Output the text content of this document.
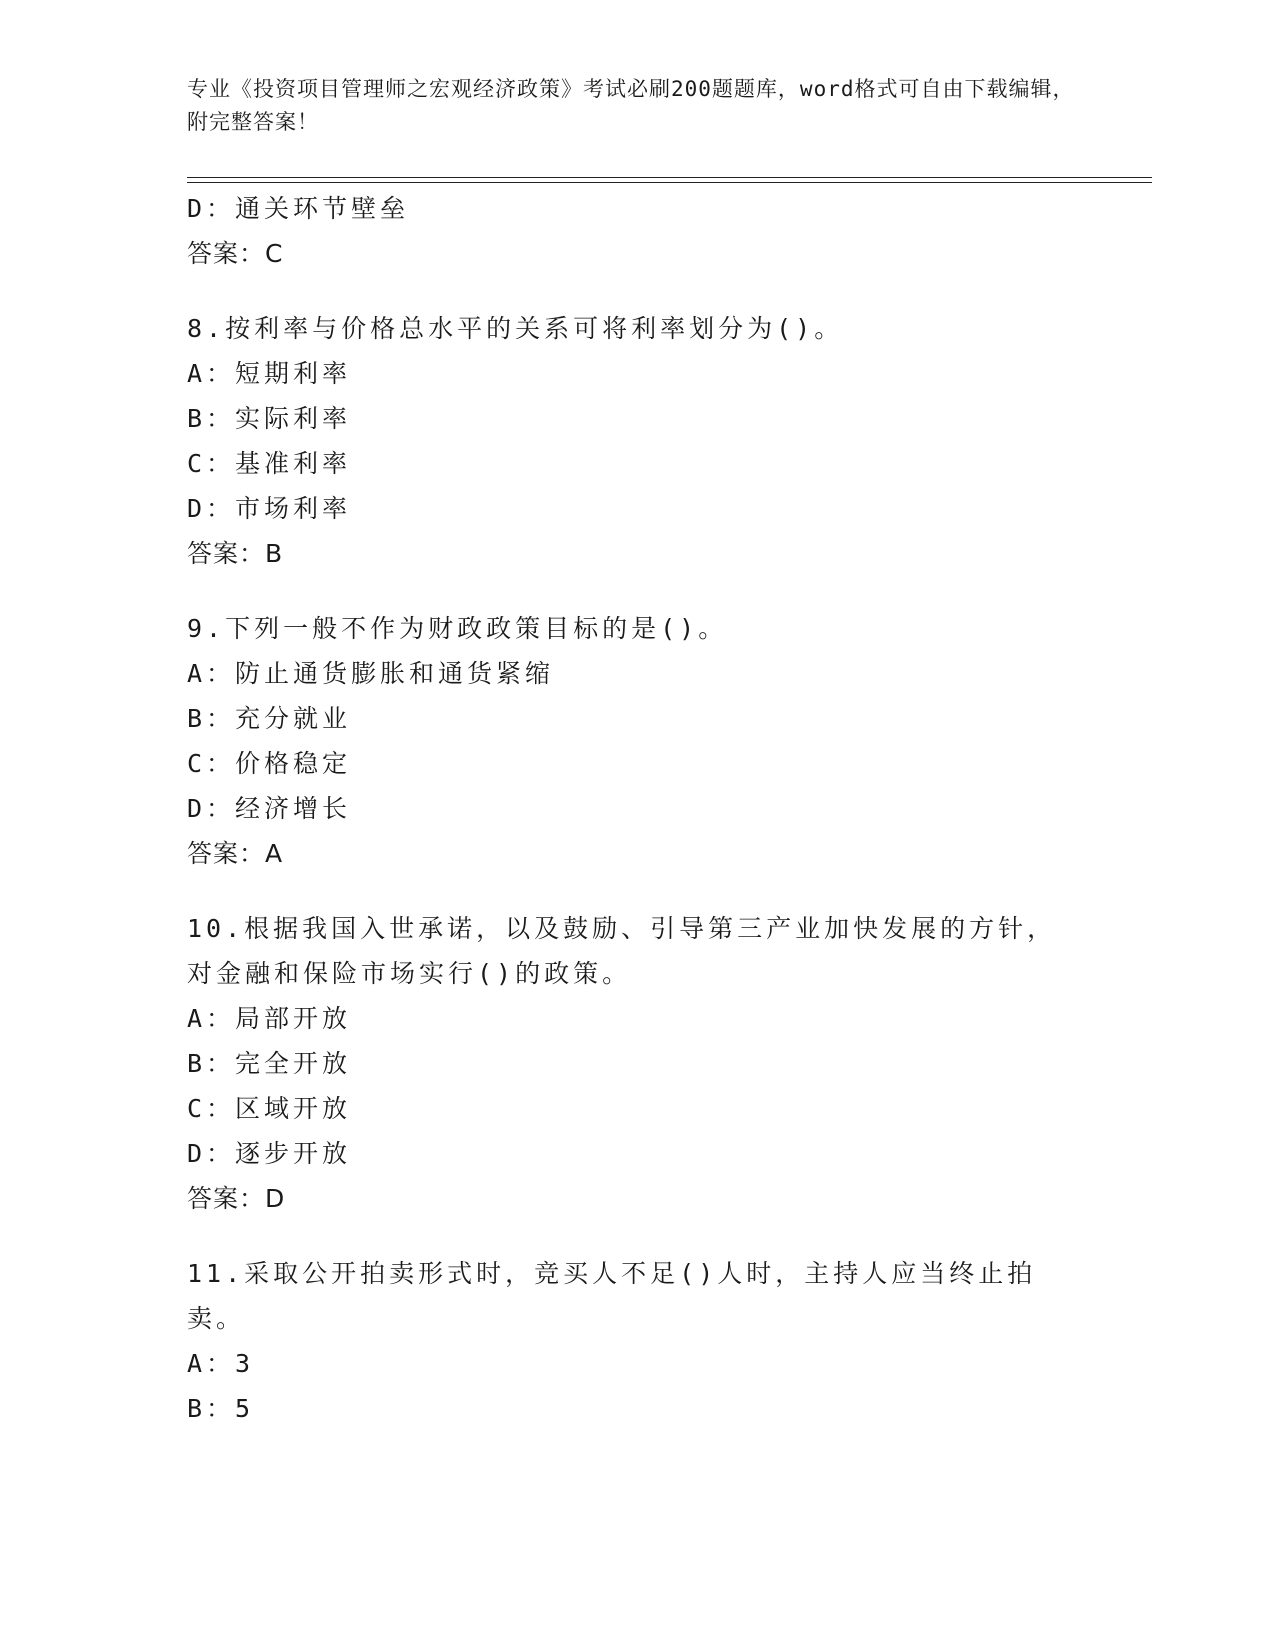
专业《投资项目管理师之宏观经济政策》考试必刷200题题库，word格式可自由下载编辑，附完整答案！
D：通关环节壁垒
答案：C
8.按利率与价格总水平的关系可将利率划分为()。
A：短期利率
B：实际利率
C：基准利率
D：市场利率
答案：B
9.下列一般不作为财政政策目标的是()。
A：防止通货膨胀和通货紧缩
B：充分就业
C：价格稳定
D：经济增长
答案：A
10.根据我国入世承诺，以及鼓励、引导第三产业加快发展的方针，对金融和保险市场实行()的政策。
A：局部开放
B：完全开放
C：区域开放
D：逐步开放
答案：D
11.采取公开拍卖形式时，竞买人不足()人时，主持人应当终止拍卖。
A：3
B：5
